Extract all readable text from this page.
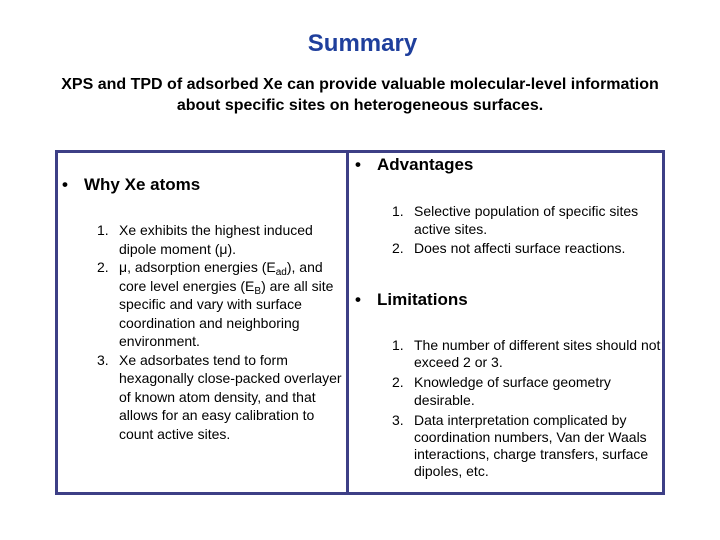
Summary
XPS and TPD of adsorbed Xe can provide valuable molecular-level information about specific sites on heterogeneous surfaces.
• Why Xe atoms
1. Xe exhibits the highest induced dipole moment (μ).
2. μ, adsorption energies $(E_{ad})$, and core level energies $(E_B)$ are all site specific and vary with surface coordination and neighboring environment.
3. Xe adsorbates tend to form hexagonally close-packed overlayer of known atom density, and that allows for an easy calibration to count active sites.
• Advantages
1. Selective population of specific sites active sites.
2. Does not affecti surface reactions.
• Limitations
1. The number of different sites should not exceed 2 or 3.
2. Knowledge of surface geometry desirable.
3. Data interpretation complicated by coordination numbers, Van der Waals interactions, charge transfers, surface dipoles, etc.
